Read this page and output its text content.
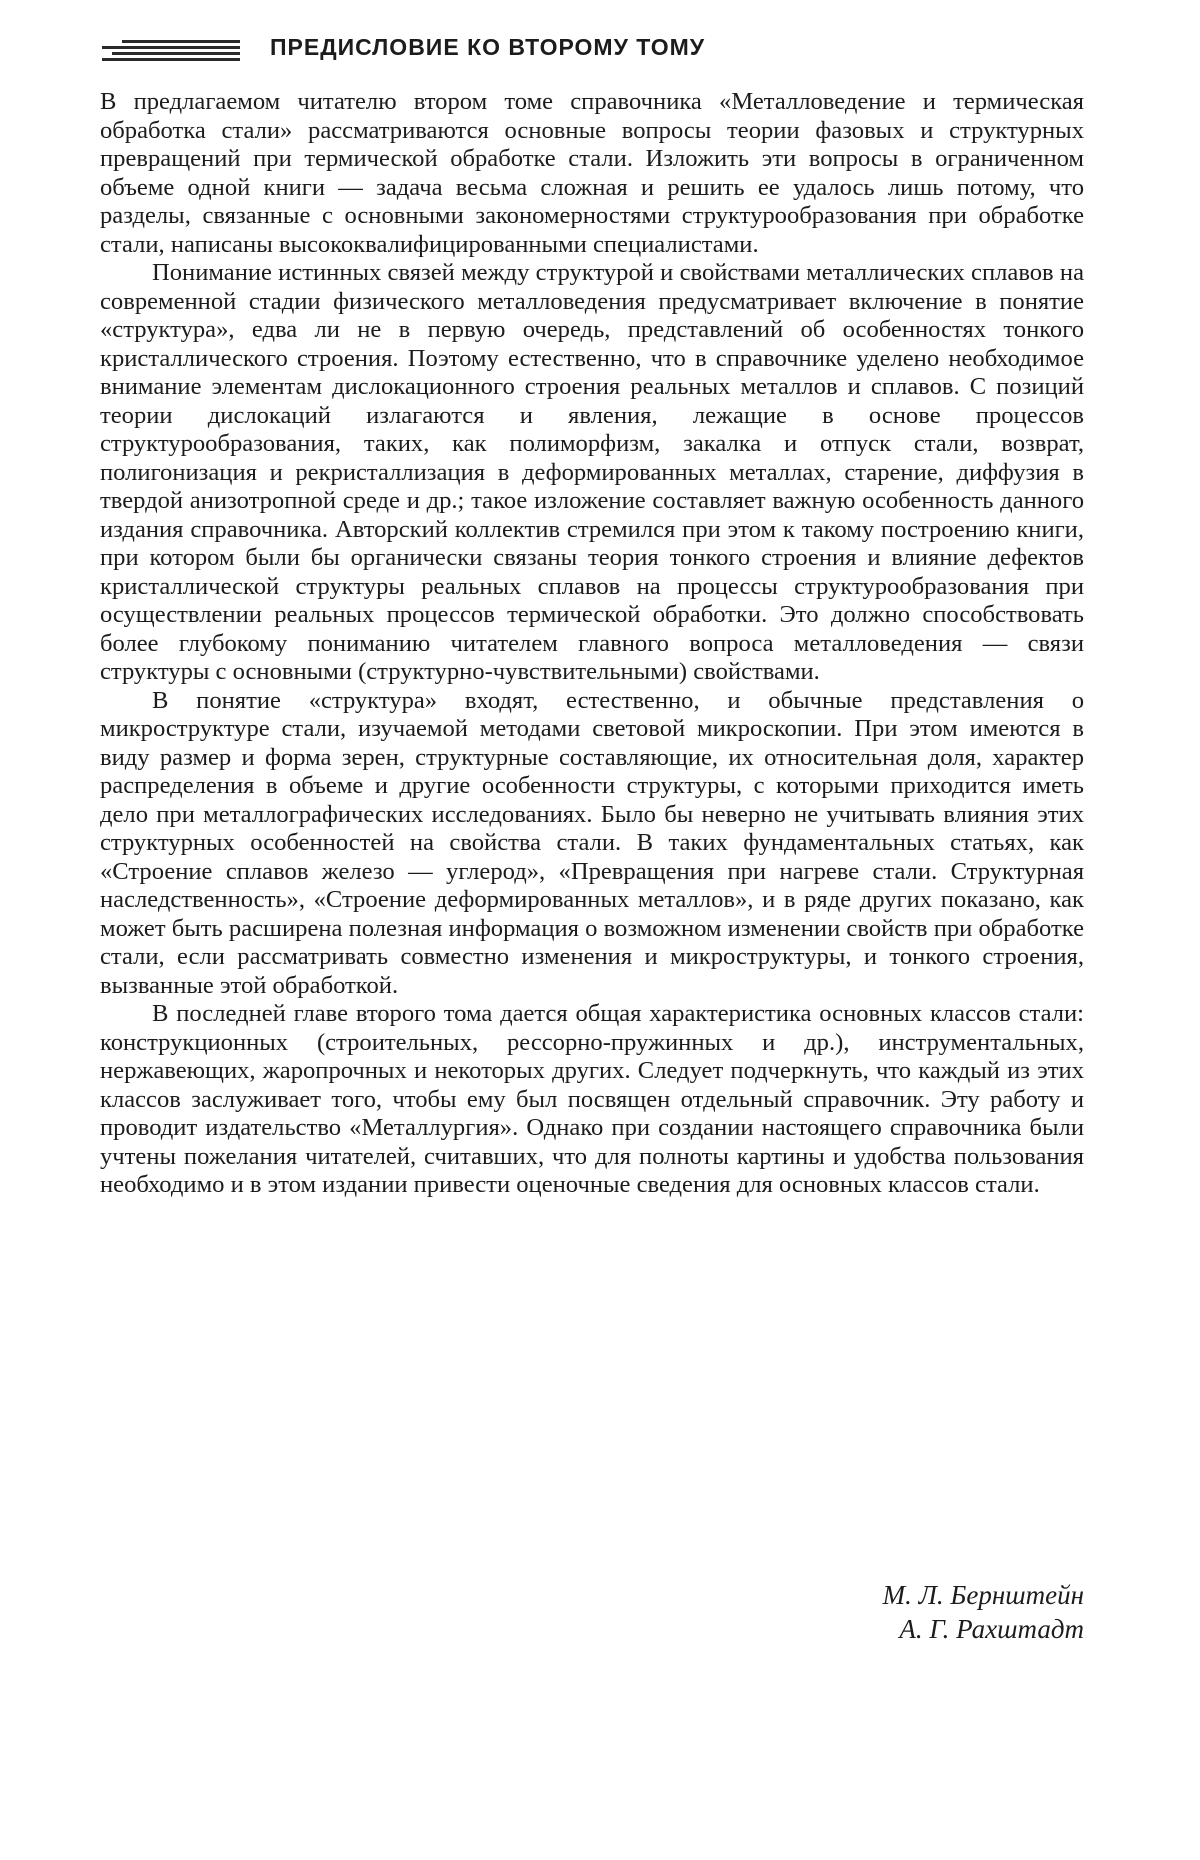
ПРЕДИСЛОВИЕ КО ВТОРОМУ ТОМУ

В предлагаемом читателю втором томе справочника «Металловедение и термическая обработка стали» рассматриваются основные вопросы теории фазовых и структурных превращений при термической обработке стали. Изложить эти вопросы в ограниченном объеме одной книги — задача весьма сложная и решить ее удалось лишь потому, что разделы, связанные с основными закономерностями структурообразования при обработке стали, написаны высококвалифицированными специалистами.

Понимание истинных связей между структурой и свойствами металлических сплавов на современной стадии физического металловедения предусматривает включение в понятие «структура», едва ли не в первую очередь, представлений об особенностях тонкого кристаллического строения. Поэтому естественно, что в справочнике уделено необходимое внимание элементам дислокационного строения реальных металлов и сплавов. С позиций теории дислокаций излагаются и явления, лежащие в основе процессов структурообразования, таких, как полиморфизм, закалка и отпуск стали, возврат, полигонизация и рекристаллизация в деформированных металлах, старение, диффузия в твердой анизотропной среде и др.; такое изложение составляет важную особенность данного издания справочника. Авторский коллектив стремился при этом к такому построению книги, при котором были бы органически связаны теория тонкого строения и влияние дефектов кристаллической структуры реальных сплавов на процессы структурообразования при осуществлении реальных процессов термической обработки. Это должно способствовать более глубокому пониманию читателем главного вопроса металловедения — связи структуры с основными (структурно-чувствительными) свойствами.

В понятие «структура» входят, естественно, и обычные представления о микроструктуре стали, изучаемой методами световой микроскопии. При этом имеются в виду размер и форма зерен, структурные составляющие, их относительная доля, характер распределения в объеме и другие особенности структуры, с которыми приходится иметь дело при металлографических исследованиях. Было бы неверно не учитывать влияния этих структурных особенностей на свойства стали. В таких фундаментальных статьях, как «Строение сплавов железо — углерод», «Превращения при нагреве стали. Структурная наследственность», «Строение деформированных металлов», и в ряде других показано, как может быть расширена полезная информация о возможном изменении свойств при обработке стали, если рассматривать совместно изменения и микроструктуры, и тонкого строения, вызванные этой обработкой.

В последней главе второго тома дается общая характеристика основных классов стали: конструкционных (строительных, рессорно-пружинных и др.), инструментальных, нержавеющих, жаропрочных и некоторых других. Следует подчеркнуть, что каждый из этих классов заслуживает того, чтобы ему был посвящен отдельный справочник. Эту работу и проводит издательство «Металлургия». Однако при создании настоящего справочника были учтены пожелания читателей, считавших, что для полноты картины и удобства пользования необходимо и в этом издании привести оценочные сведения для основных классов стали.

М. Л. Бернштейн
А. Г. Рахштадт
